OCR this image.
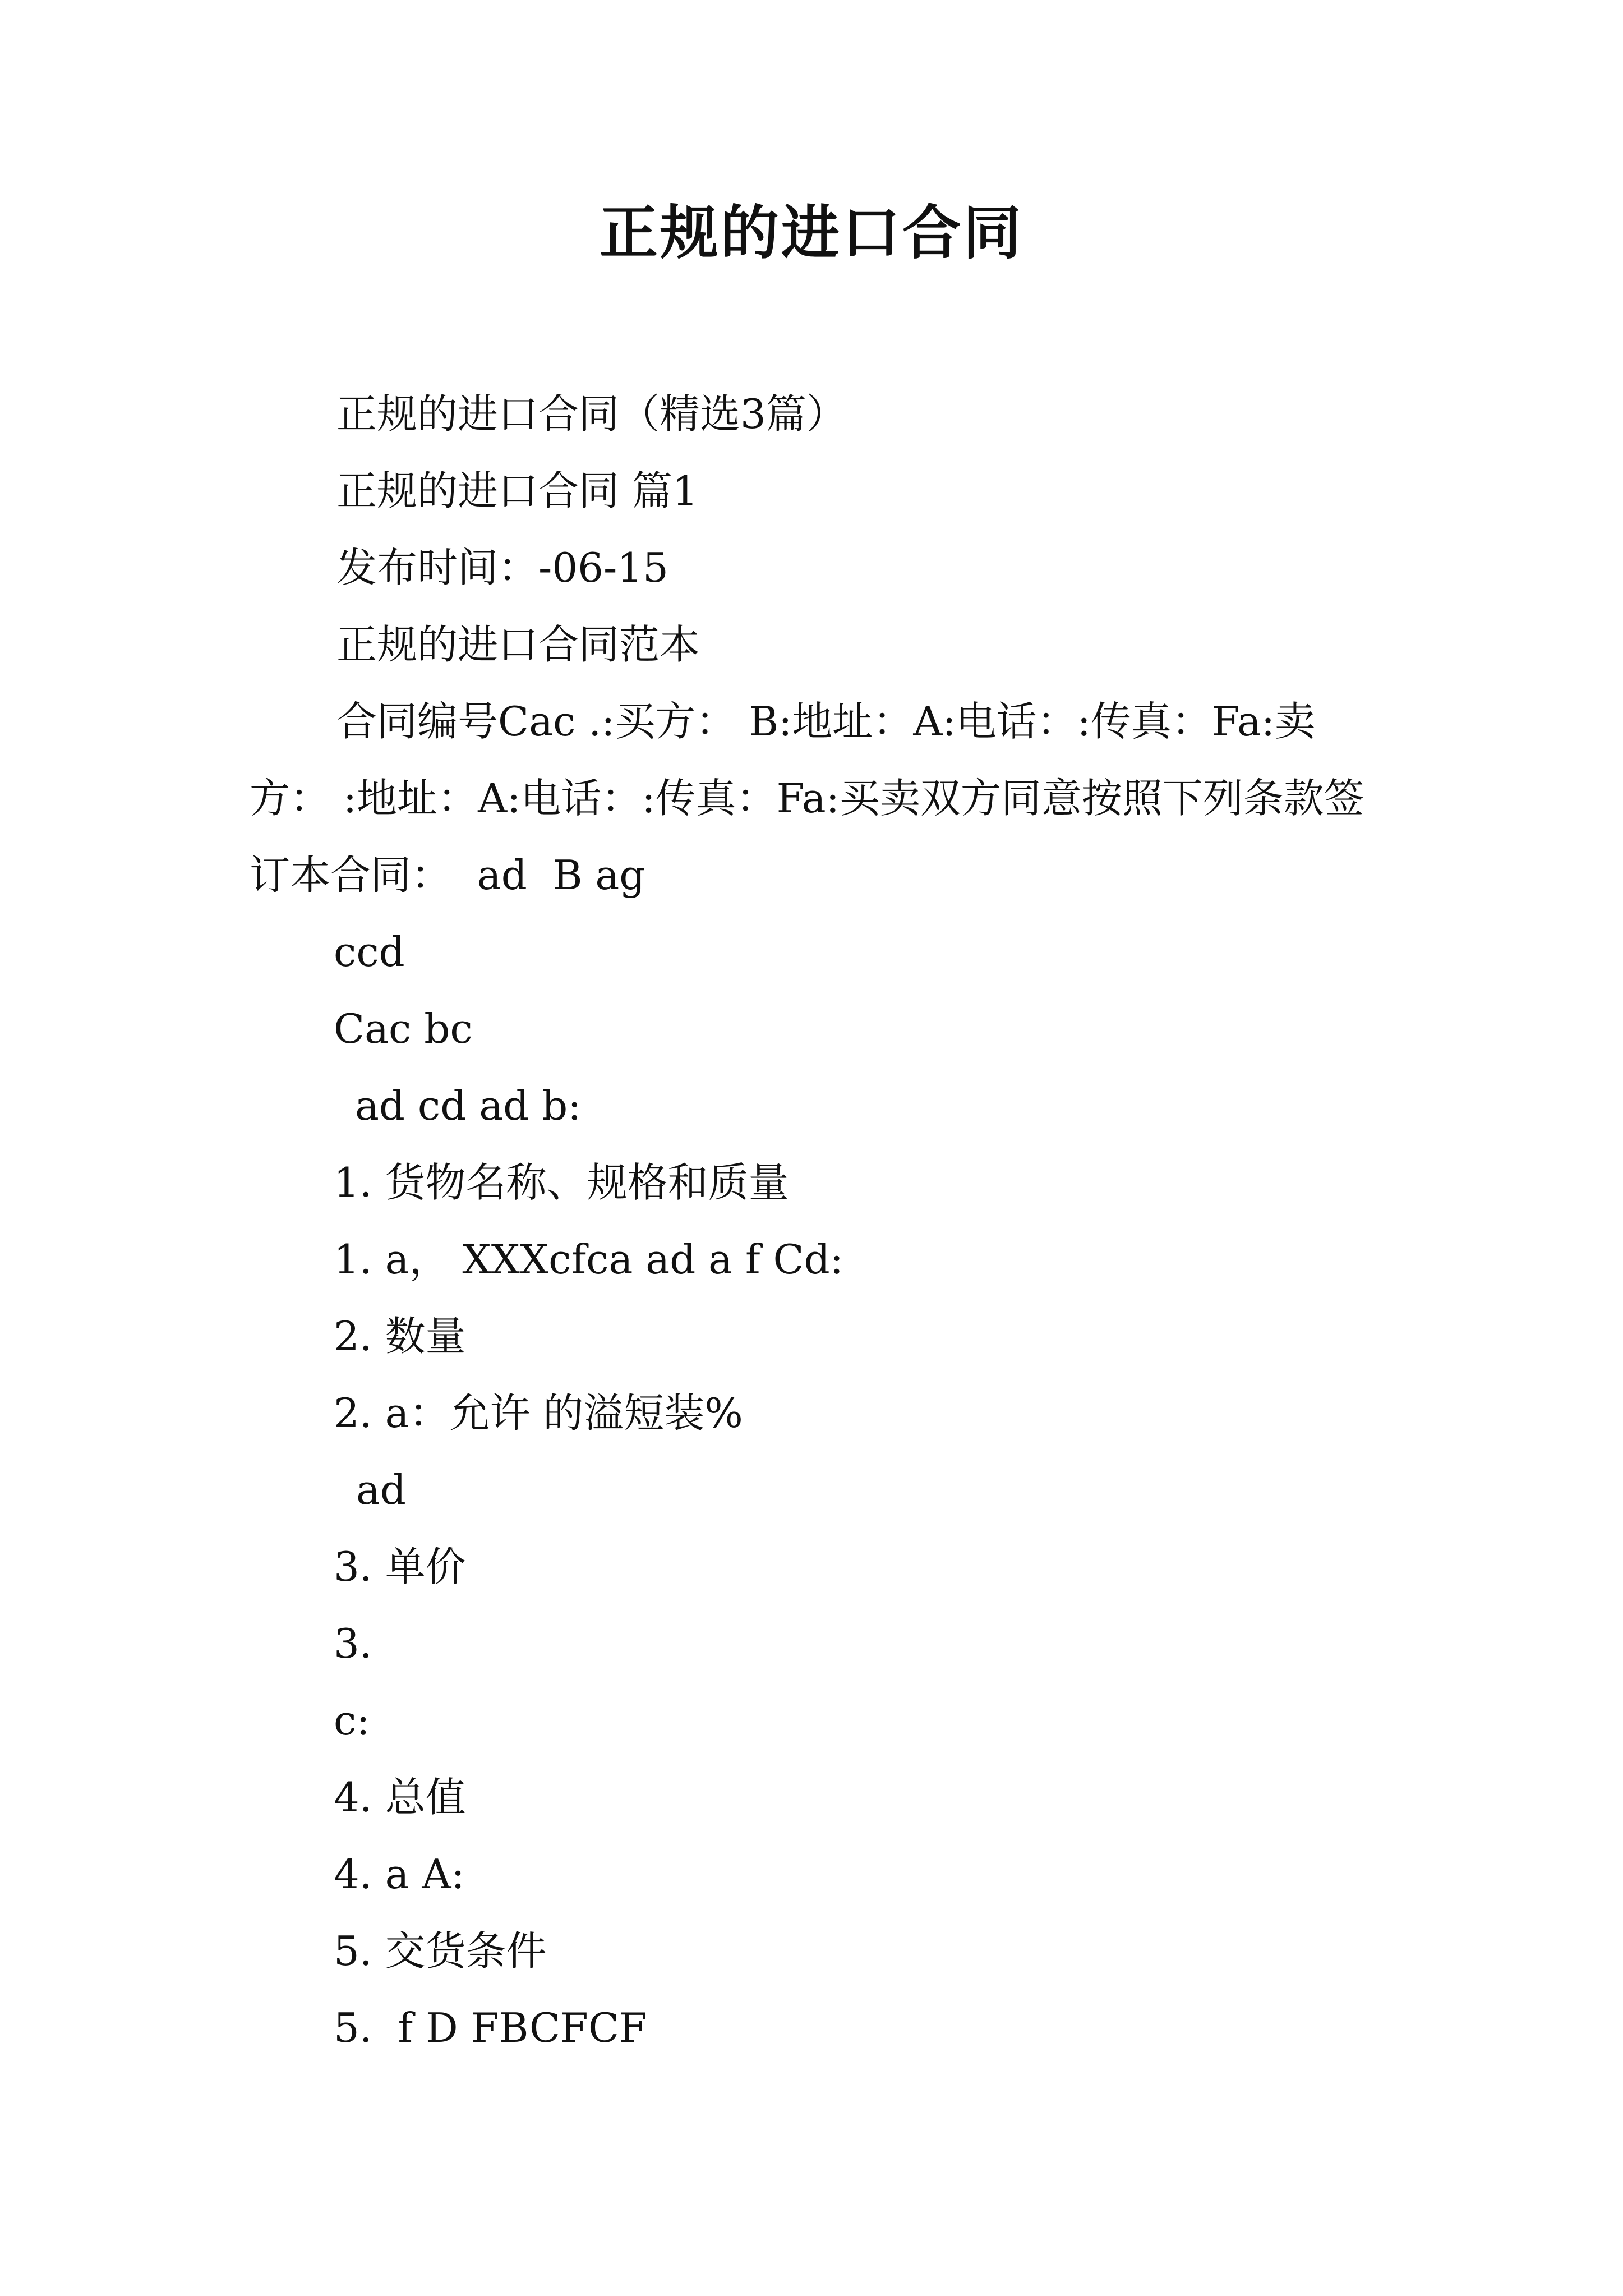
正规的进口合同

正规的进口合同（精选3篇）

正规的进口合同 篇1

发布时间：-06-15

正规的进口合同范本

合同编号Cac .:买方： B:地址：A:电话：:传真：Fa:卖方： :地址：A:电话：:传真：Fa:买卖双方同意按照下列条款签订本合同：  ad  B ag

ccd

Cac bc

ad cd ad b:

1. 货物名称、规格和质量

1. a， XXXcfca ad a f Cd:

2. 数量

2. a：允许 的溢短装%

ad

3. 单价

3.

c:

4. 总值

4. a A:

5. 交货条件

5.  f D FBCFCF
